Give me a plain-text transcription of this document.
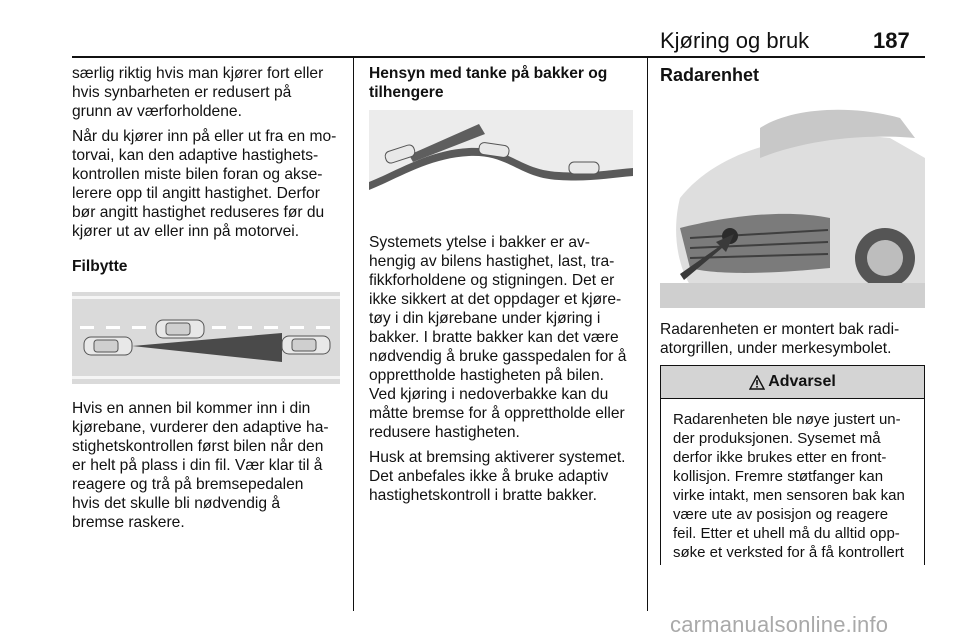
Kjøring og bruk	187

særlig riktig hvis man kjører fort eller
hvis synbarheten er redusert på
grunn av værforholdene.

Når du kjører inn på eller ut fra en mo-
torvai, kan den adaptive hastighets-
kontrollen miste bilen foran og akse-
lerere opp til angitt hastighet. Derfor
bør angitt hastighet reduseres før du
kjører ut av eller inn på motorvei.

Filbytte

Hvis en annen bil kommer inn i din
kjørebane, vurderer den adaptive ha-
stighetskontrollen først bilen når den
er helt på plass i din fil. Vær klar til å
reagere og trå på bremsepedalen
hvis det skulle bli nødvendig å
bremse raskere.

Hensyn med tanke på bakker og
tilhengere

Systemets ytelse i bakker er av-
hengig av bilens hastighet, last, tra-
fikkforholdene og stigningen. Det er
ikke sikkert at det oppdager et kjøre-
tøy i din kjørebane under kjøring i
bakker. I bratte bakker kan det være
nødvendig å bruke gasspedalen for å
opprettholde hastigheten på bilen.
Ved kjøring i nedoverbakke kan du
måtte bremse for å opprettholde eller
redusere hastigheten.

Husk at bremsing aktiverer systemet.
Det anbefales ikke å bruke adaptiv
hastighetskontroll i bratte bakker.

Radarenhet

Radarenheten er montert bak radi-
atorgrillen, under merkesymbolet.

Advarsel
Radarenheten ble nøye justert un-
der produksjonen. Sysemet må
derfor ikke brukes etter en front-
kollisjon. Fremre støtfanger kan
virke intakt, men sensoren bak kan
være ute av posisjon og reagere
feil. Etter et uhell må du alltid opp-
søke et verksted for å få kontrollert
carmanualsonline.info
